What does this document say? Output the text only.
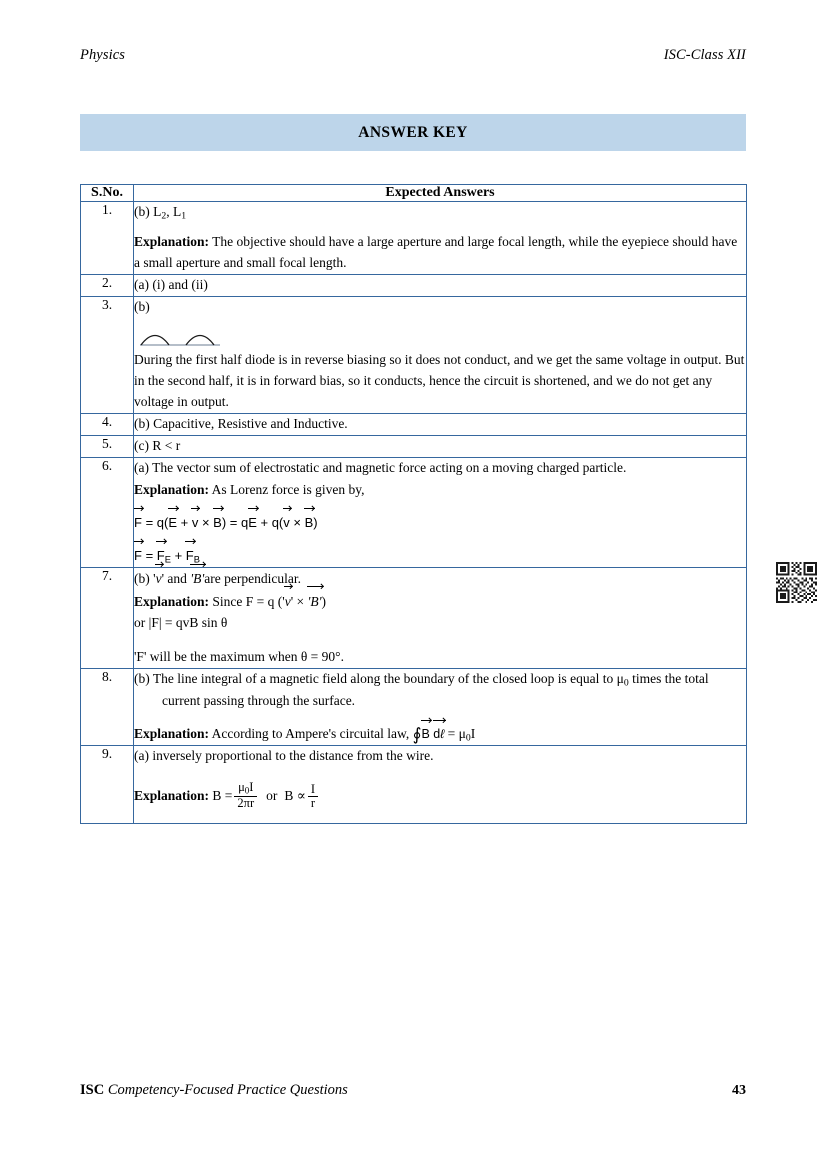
Physics	ISC-Class XII
ANSWER KEY
S.No.	Expected Answers
1.	(b) $L_2$, $L_1$

Explanation: The objective should have a large aperture and large focal length, while the eyepiece should have a small aperture and small focal length.

2.	(a) (i) and (ii)

3.	(b)

During the first half diode is in reverse biasing so it does not conduct, and we get the same voltage in output. But in the second half, it is in forward bias, so it conducts, hence the circuit is shortened, and we do not get any voltage in output.

4.	(b) Capacitive, Resistive and Inductive.

5.	(c) R < r

6.	(a) The vector sum of electrostatic and magnetic force acting on a moving charged particle.

Explanation: As Lorenz force is given by,

F = q(E + v × B) = qE + q(v × B)

$F = F_E + F_B$

7.	(b) 'v' and 'B'are perpendicular.

Explanation: Since F = q ('v' × 'B')

or |F| = qvB sin θ

'F' will be the maximum when θ = 90°.

8.	(b) The line integral of a magnetic field along the boundary of the closed loop is equal to $\mu_0$ times the total current passing through the surface.

Explanation: According to Ampere's circuital law, ∮B dℓ = $\mu_0I$

9.	(a) inversely proportional to the distance from the wire.

Explanation: $B = \frac{\mu_0I}{2\pi r}$ or $B \propto \frac{I}{r}$

ISC Competency-Focused Practice Questions	43
